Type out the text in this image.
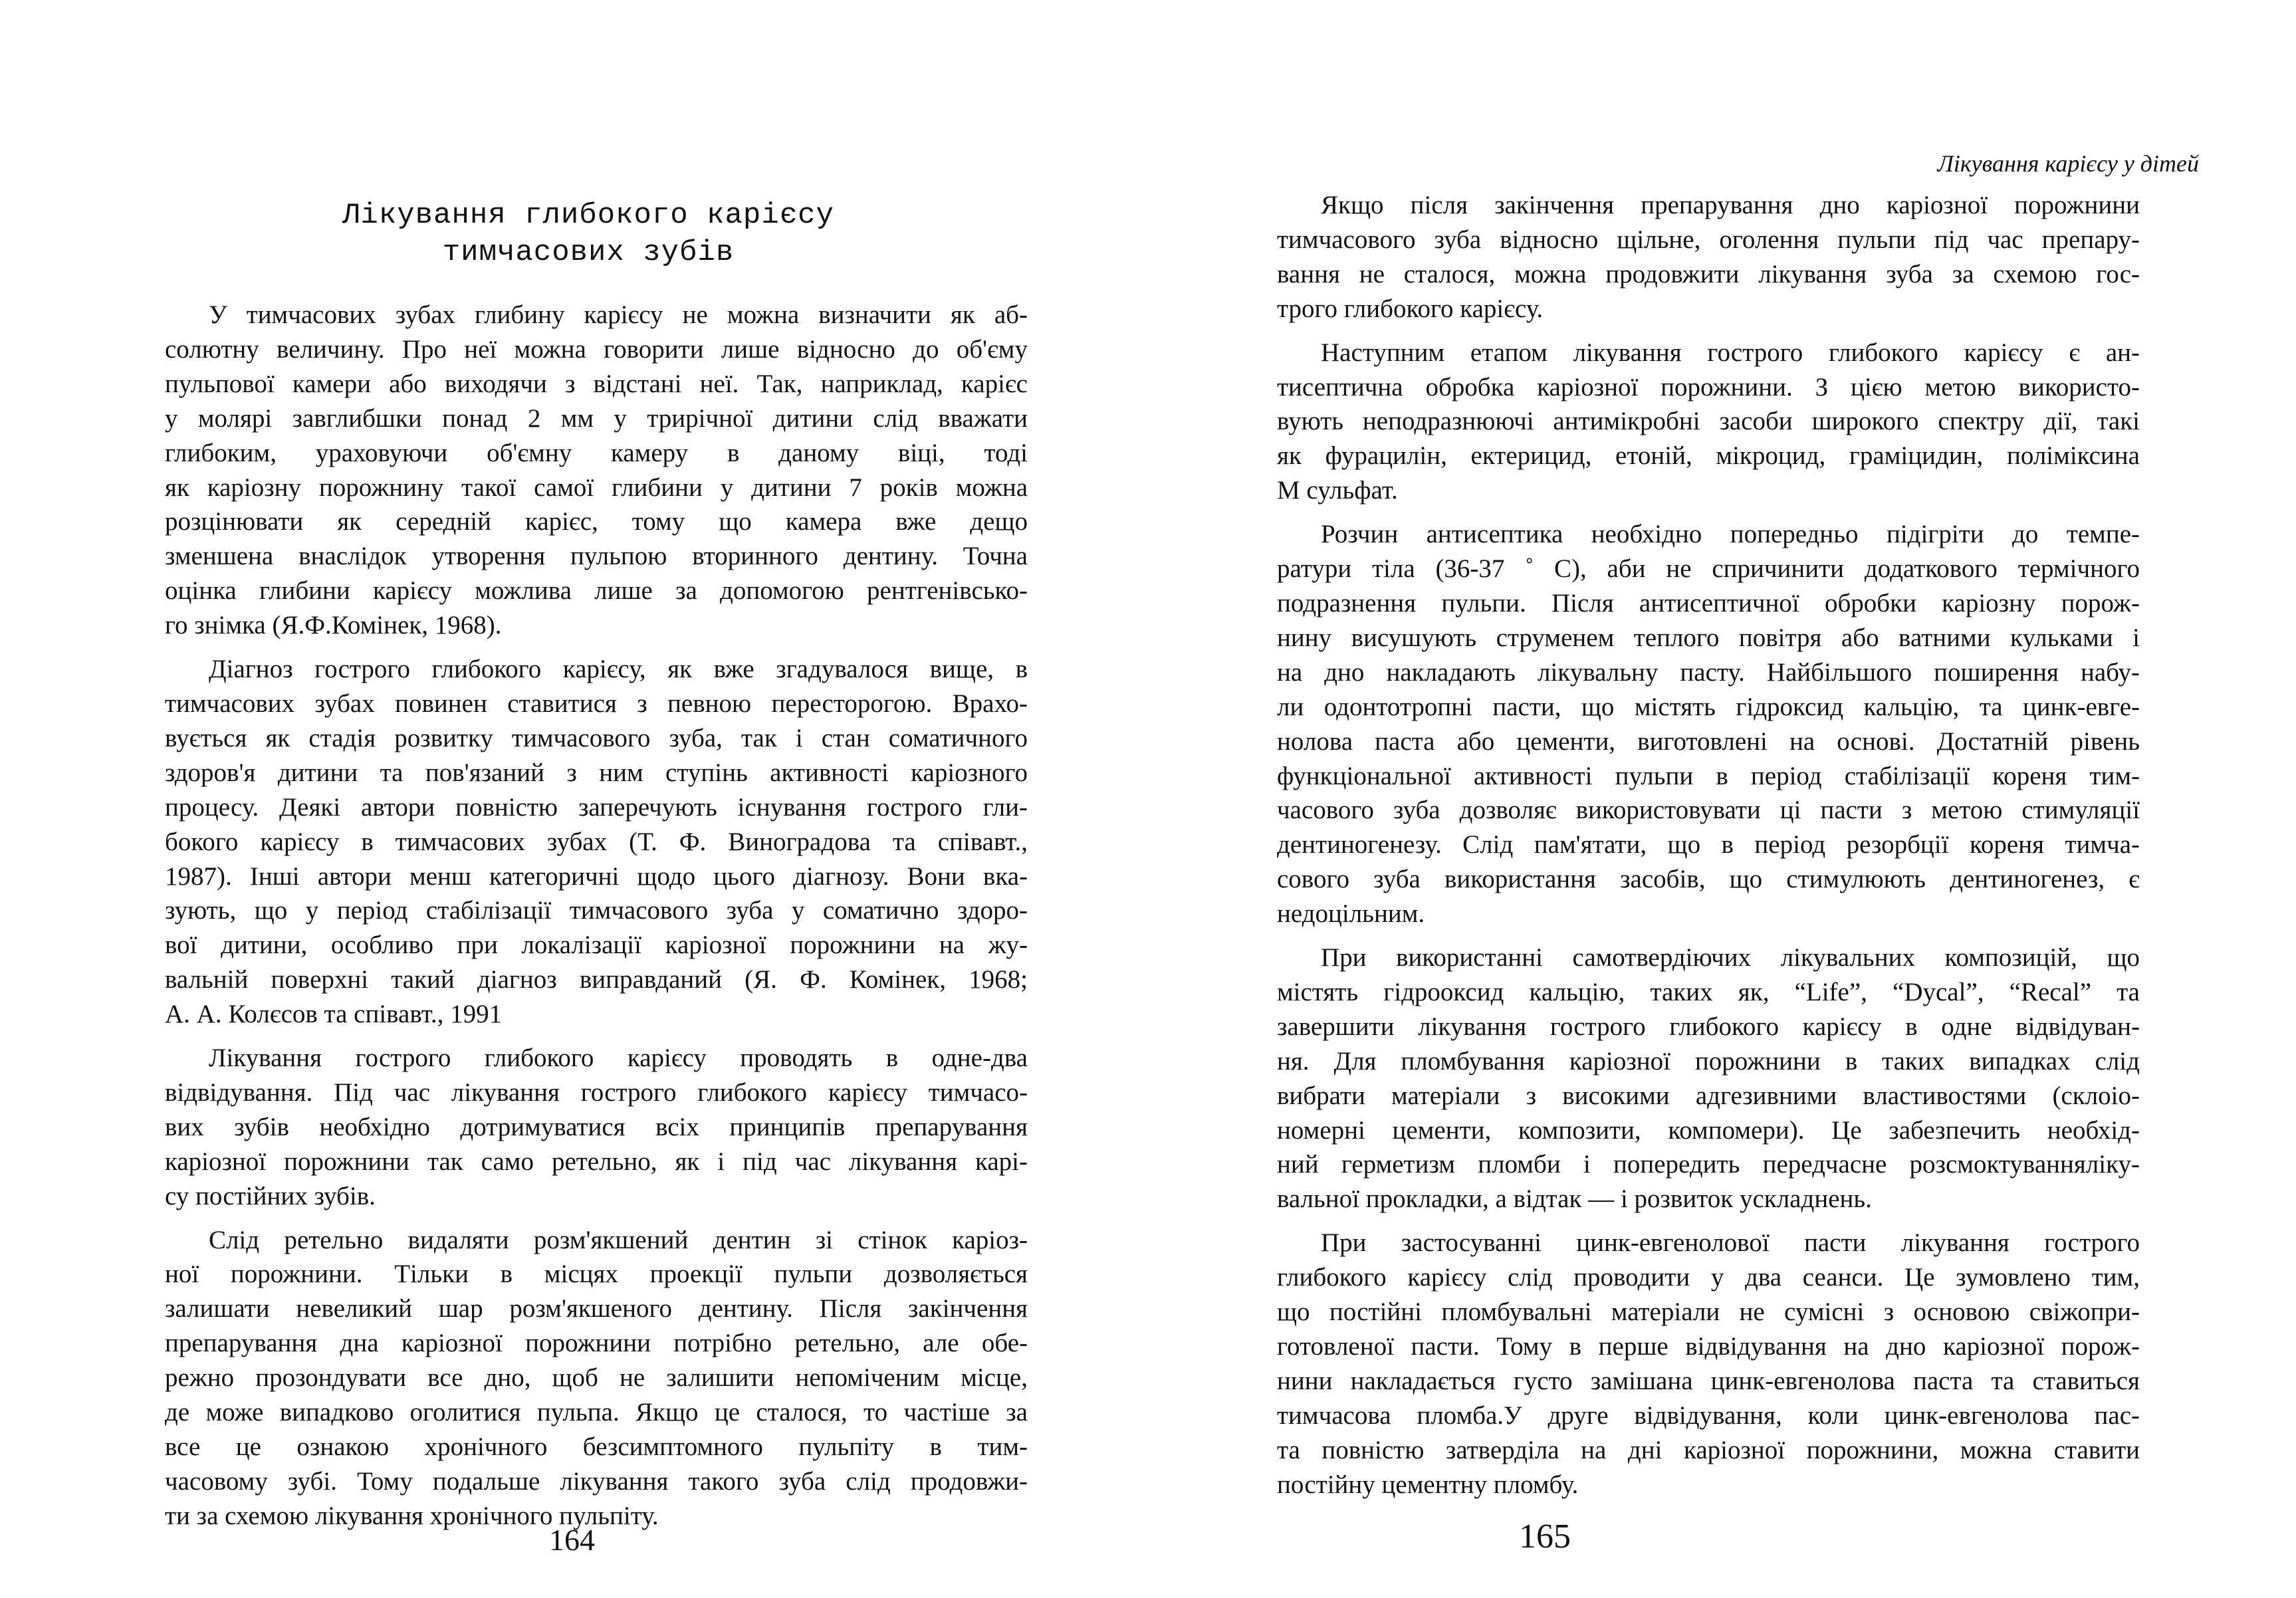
Лікування глибокого карієсу
тимчасових зубів
У тимчасових зубах глибину карієсу не можна визначити як аб-
солютну величину. Про неї можна говорити лише відносно до об'єму
пульпової камери або виходячи з відстані неї. Так, наприклад, карієс
у молярі завглибшки понад 2 мм у трирічної дитини слід вважати
глибоким, ураховуючи об'ємну камеру в даному віці, тоді
як каріозну порожнину такої самої глибини у дитини 7 років можна
розцінювати як середній карієс, тому що камера вже дещо
зменшена внаслідок утворення пульпою вторинного дентину. Точна
оцінка глибини карієсу можлива лише за допомогою рентгенівсько-
го знімка (Я.Ф.Комінек, 1968).
Діагноз гострого глибокого карієсу, як вже згадувалося вище, в
тимчасових зубах повинен ставитися з певною пересторогою. Врахо-
вується як стадія розвитку тимчасового зуба, так і стан соматичного
здоров'я дитини та пов'язаний з ним ступінь активності каріозного
процесу. Деякі автори повністю заперечують існування гострого гли-
бокого карієсу в тимчасових зубах (Т. Ф. Виноградова та співавт.,
1987). Інші автори менш категоричні щодо цього діагнозу. Вони вка-
зують, що у період стабілізації тимчасового зуба у соматично здоро-
вої дитини, особливо при локалізації каріозної порожнини на жу-
вальній поверхні такий діагноз виправданий (Я. Ф. Комінек, 1968;
А. А. Колєсов та співавт., 1991
Лікування гострого глибокого карієсу проводять в одне-два
відвідування. Під час лікування гострого глибокого карієсу тимчасо-
вих зубів необхідно дотримуватися всіх принципів препарування
каріозної порожнини так само ретельно, як і під час лікування карі-
су постійних зубів.
Слід ретельно видаляти розм'якшений дентин зі стінок каріоз-
ної порожнини. Тільки в місцях проекції пульпи дозволяється
залишати невеликий шар розм'якшеного дентину. Після закінчення
препарування дна каріозної порожнини потрібно ретельно, але обе-
режно прозондувати все дно, щоб не залишити непоміченим місце,
де може випадково оголитися пульпа. Якщо це сталося, то частіше за
все це ознакою хронічного безсимптомного пульпіту в тим-
часовому зубі. Тому подальше лікування такого зуба слід продовжи-
ти за схемою лікування хронічного пульпіту.
164
Лікування карієсу у дітей
Якщо після закінчення препарування дно каріозної порожнини
тимчасового зуба відносно щільне, оголення пульпи під час препару-
вання не сталося, можна продовжити лікування зуба за схемою гос-
трого глибокого карієсу.
Наступним етапом лікування гострого глибокого карієсу є ан-
тисептична обробка каріозної порожнини. З цією метою використо-
вують неподразнюючі антимікробні засоби широкого спектру дії, такі
як фурацилін, ектерицид, етоній, мікроцид, граміцидин, поліміксина
М сульфат.
Розчин антисептика необхідно попередньо підігріти до темпе-
ратури тіла (36-37 ˚ С), аби не спричинити додаткового термічного
подразнення пульпи. Після антисептичної обробки каріозну порож-
нину висушують струменем теплого повітря або ватними кульками і
на дно накладають лікувальну пасту. Найбільшого поширення набу-
ли одонтотропні пасти, що містять гідроксид кальцію, та цинк-евге-
нолова паста або цементи, виготовлені на основі. Достатній рівень
функціональної активності пульпи в період стабілізації кореня тим-
часового зуба дозволяє використовувати ці пасти з метою стимуляції
дентиногенезу. Слід пам'ятати, що в період резорбції кореня тимча-
сового зуба використання засобів, що стимулюють дентиногенез, є
недоцільним.
При використанні самотвердіючих лікувальних композицій, що
містять гідрооксид кальцію, таких як, “Life”, “Dycal”, “Recal” та
завершити лікування гострого глибокого карієсу в одне відвідуван-
ня. Для пломбування каріозної порожнини в таких випадках слід
вибрати матеріали з високими адгезивними властивостями (склоіо-
номерні цементи, композити, компомери). Це забезпечить необхід-
ний герметизм пломби і попередить передчасне розсмоктуванняліку-
вальної прокладки, а відтак — і розвиток ускладнень.
При застосуванні цинк-евгенолової пасти лікування гострого
глибокого карієсу слід проводити у два сеанси. Це зумовлено тим,
що постійні пломбувальні матеріали не сумісні з основою свіжопри-
готовленої пасти. Тому в перше відвідування на дно каріозної порож-
нини накладається густо замішана цинк-евгенолова паста та ставиться
тимчасова пломба.У друге відвідування, коли цинк-евгенолова пас-
та повністю затверділа на дні каріозної порожнини, можна ставити
постійну цементну пломбу.
165
